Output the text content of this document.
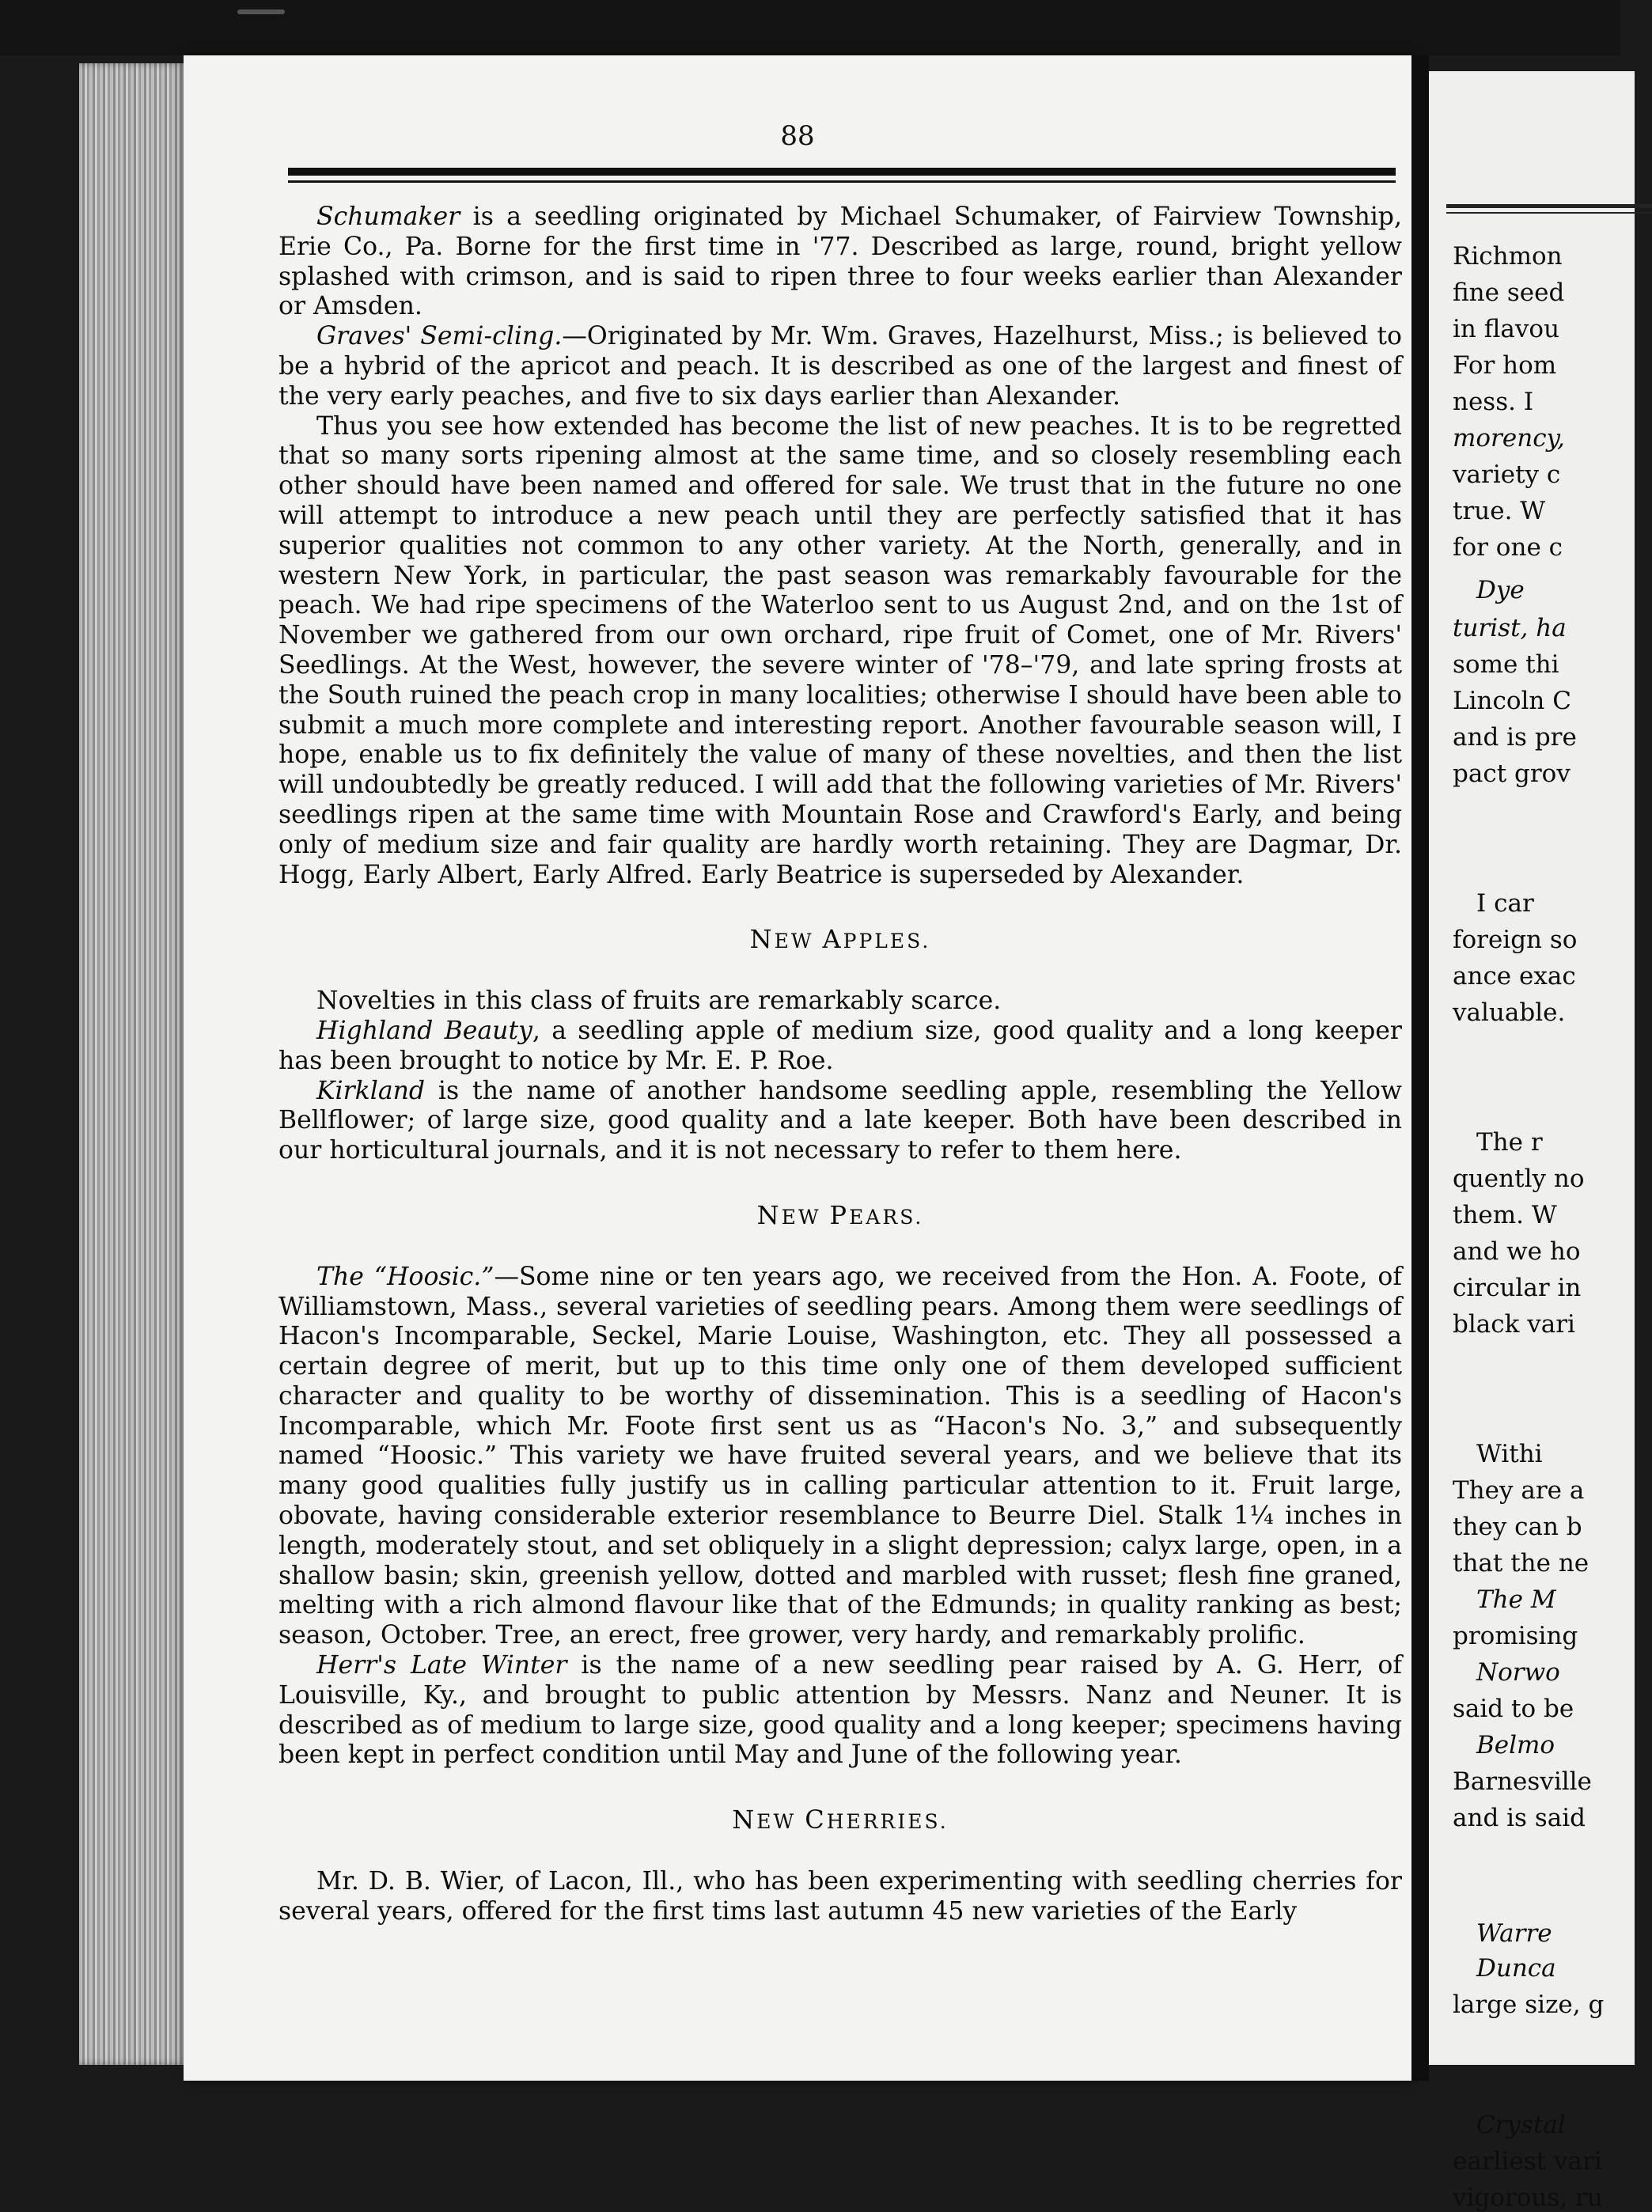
88

Schumaker is a seedling originated by Michael Schumaker, of Fairview Township, Erie Co., Pa. Borne for the first time in '77. Described as large, round, bright yellow splashed with crimson, and is said to ripen three to four weeks earlier than Alexander or Amsden.

Graves' Semi-cling.—Originated by Mr. Wm. Graves, Hazelhurst, Miss.; is believed to be a hybrid of the apricot and peach. It is described as one of the largest and finest of the very early peaches, and five to six days earlier than Alexander.

Thus you see how extended has become the list of new peaches. It is to be regretted that so many sorts ripening almost at the same time, and so closely resembling each other should have been named and offered for sale. We trust that in the future no one will attempt to introduce a new peach until they are perfectly satisfied that it has superior qualities not common to any other variety. At the North, generally, and in western New York, in particular, the past season was remarkably favourable for the peach. We had ripe specimens of the Waterloo sent to us August 2nd, and on the 1st of November we gathered from our own orchard, ripe fruit of Comet, one of Mr. Rivers' Seedlings. At the West, however, the severe winter of '78–'79, and late spring frosts at the South ruined the peach crop in many localities; otherwise I should have been able to submit a much more complete and interesting report. Another favourable season will, I hope, enable us to fix definitely the value of many of these novelties, and then the list will undoubtedly be greatly reduced. I will add that the following varieties of Mr. Rivers' seedlings ripen at the same time with Mountain Rose and Crawford's Early, and being only of medium size and fair quality are hardly worth retaining. They are Dagmar, Dr. Hogg, Early Albert, Early Alfred. Early Beatrice is superseded by Alexander.

NEW APPLES.

Novelties in this class of fruits are remarkably scarce.

Highland Beauty, a seedling apple of medium size, good quality and a long keeper has been brought to notice by Mr. E. P. Roe.

Kirkland is the name of another handsome seedling apple, resembling the Yellow Bellflower; of large size, good quality and a late keeper. Both have been described in our horticultural journals, and it is not necessary to refer to them here.

NEW PEARS.

The “Hoosic.”—Some nine or ten years ago, we received from the Hon. A. Foote, of Williamstown, Mass., several varieties of seedling pears. Among them were seedlings of Hacon's Incomparable, Seckel, Marie Louise, Washington, etc. They all possessed a certain degree of merit, but up to this time only one of them developed sufficient character and quality to be worthy of dissemination. This is a seedling of Hacon's Incomparable, which Mr. Foote first sent us as “Hacon's No. 3,” and subsequently named “Hoosic.” This variety we have fruited several years, and we believe that its many good qualities fully justify us in calling particular attention to it. Fruit large, obovate, having considerable exterior resemblance to Beurre Diel. Stalk 1¼ inches in length, moderately stout, and set obliquely in a slight depression; calyx large, open, in a shallow basin; skin, greenish yellow, dotted and marbled with russet; flesh fine graned, melting with a rich almond flavour like that of the Edmunds; in quality ranking as best; season, October. Tree, an erect, free grower, very hardy, and remarkably prolific.

Herr's Late Winter is the name of a new seedling pear raised by A. G. Herr, of Louisville, Ky., and brought to public attention by Messrs. Nanz and Neuner. It is described as of medium to large size, good quality and a long keeper; specimens having been kept in perfect condition until May and June of the following year.

NEW CHERRIES.

Mr. D. B. Wier, of Lacon, Ill., who has been experimenting with seedling cherries for several years, offered for the first tims last autumn 45 new varieties of the Early

Richmon
fine seed
in flavou
For hom
ness. I
morency,
variety c
true. W
for one c
Dye
turist, ha
some thi
Lincoln C
and is pre
pact grov
I car
foreign so
ance exac
valuable.
The r
quently no
them. W
and we ho
circular in
black vari
Withi
They are a
they can b
that the ne
The M
promising
Norwo
said to be
Belmo
Barnesville
and is said
Warre
Dunca
large size, g
Crystal
earliest vari
vigorous, ru
